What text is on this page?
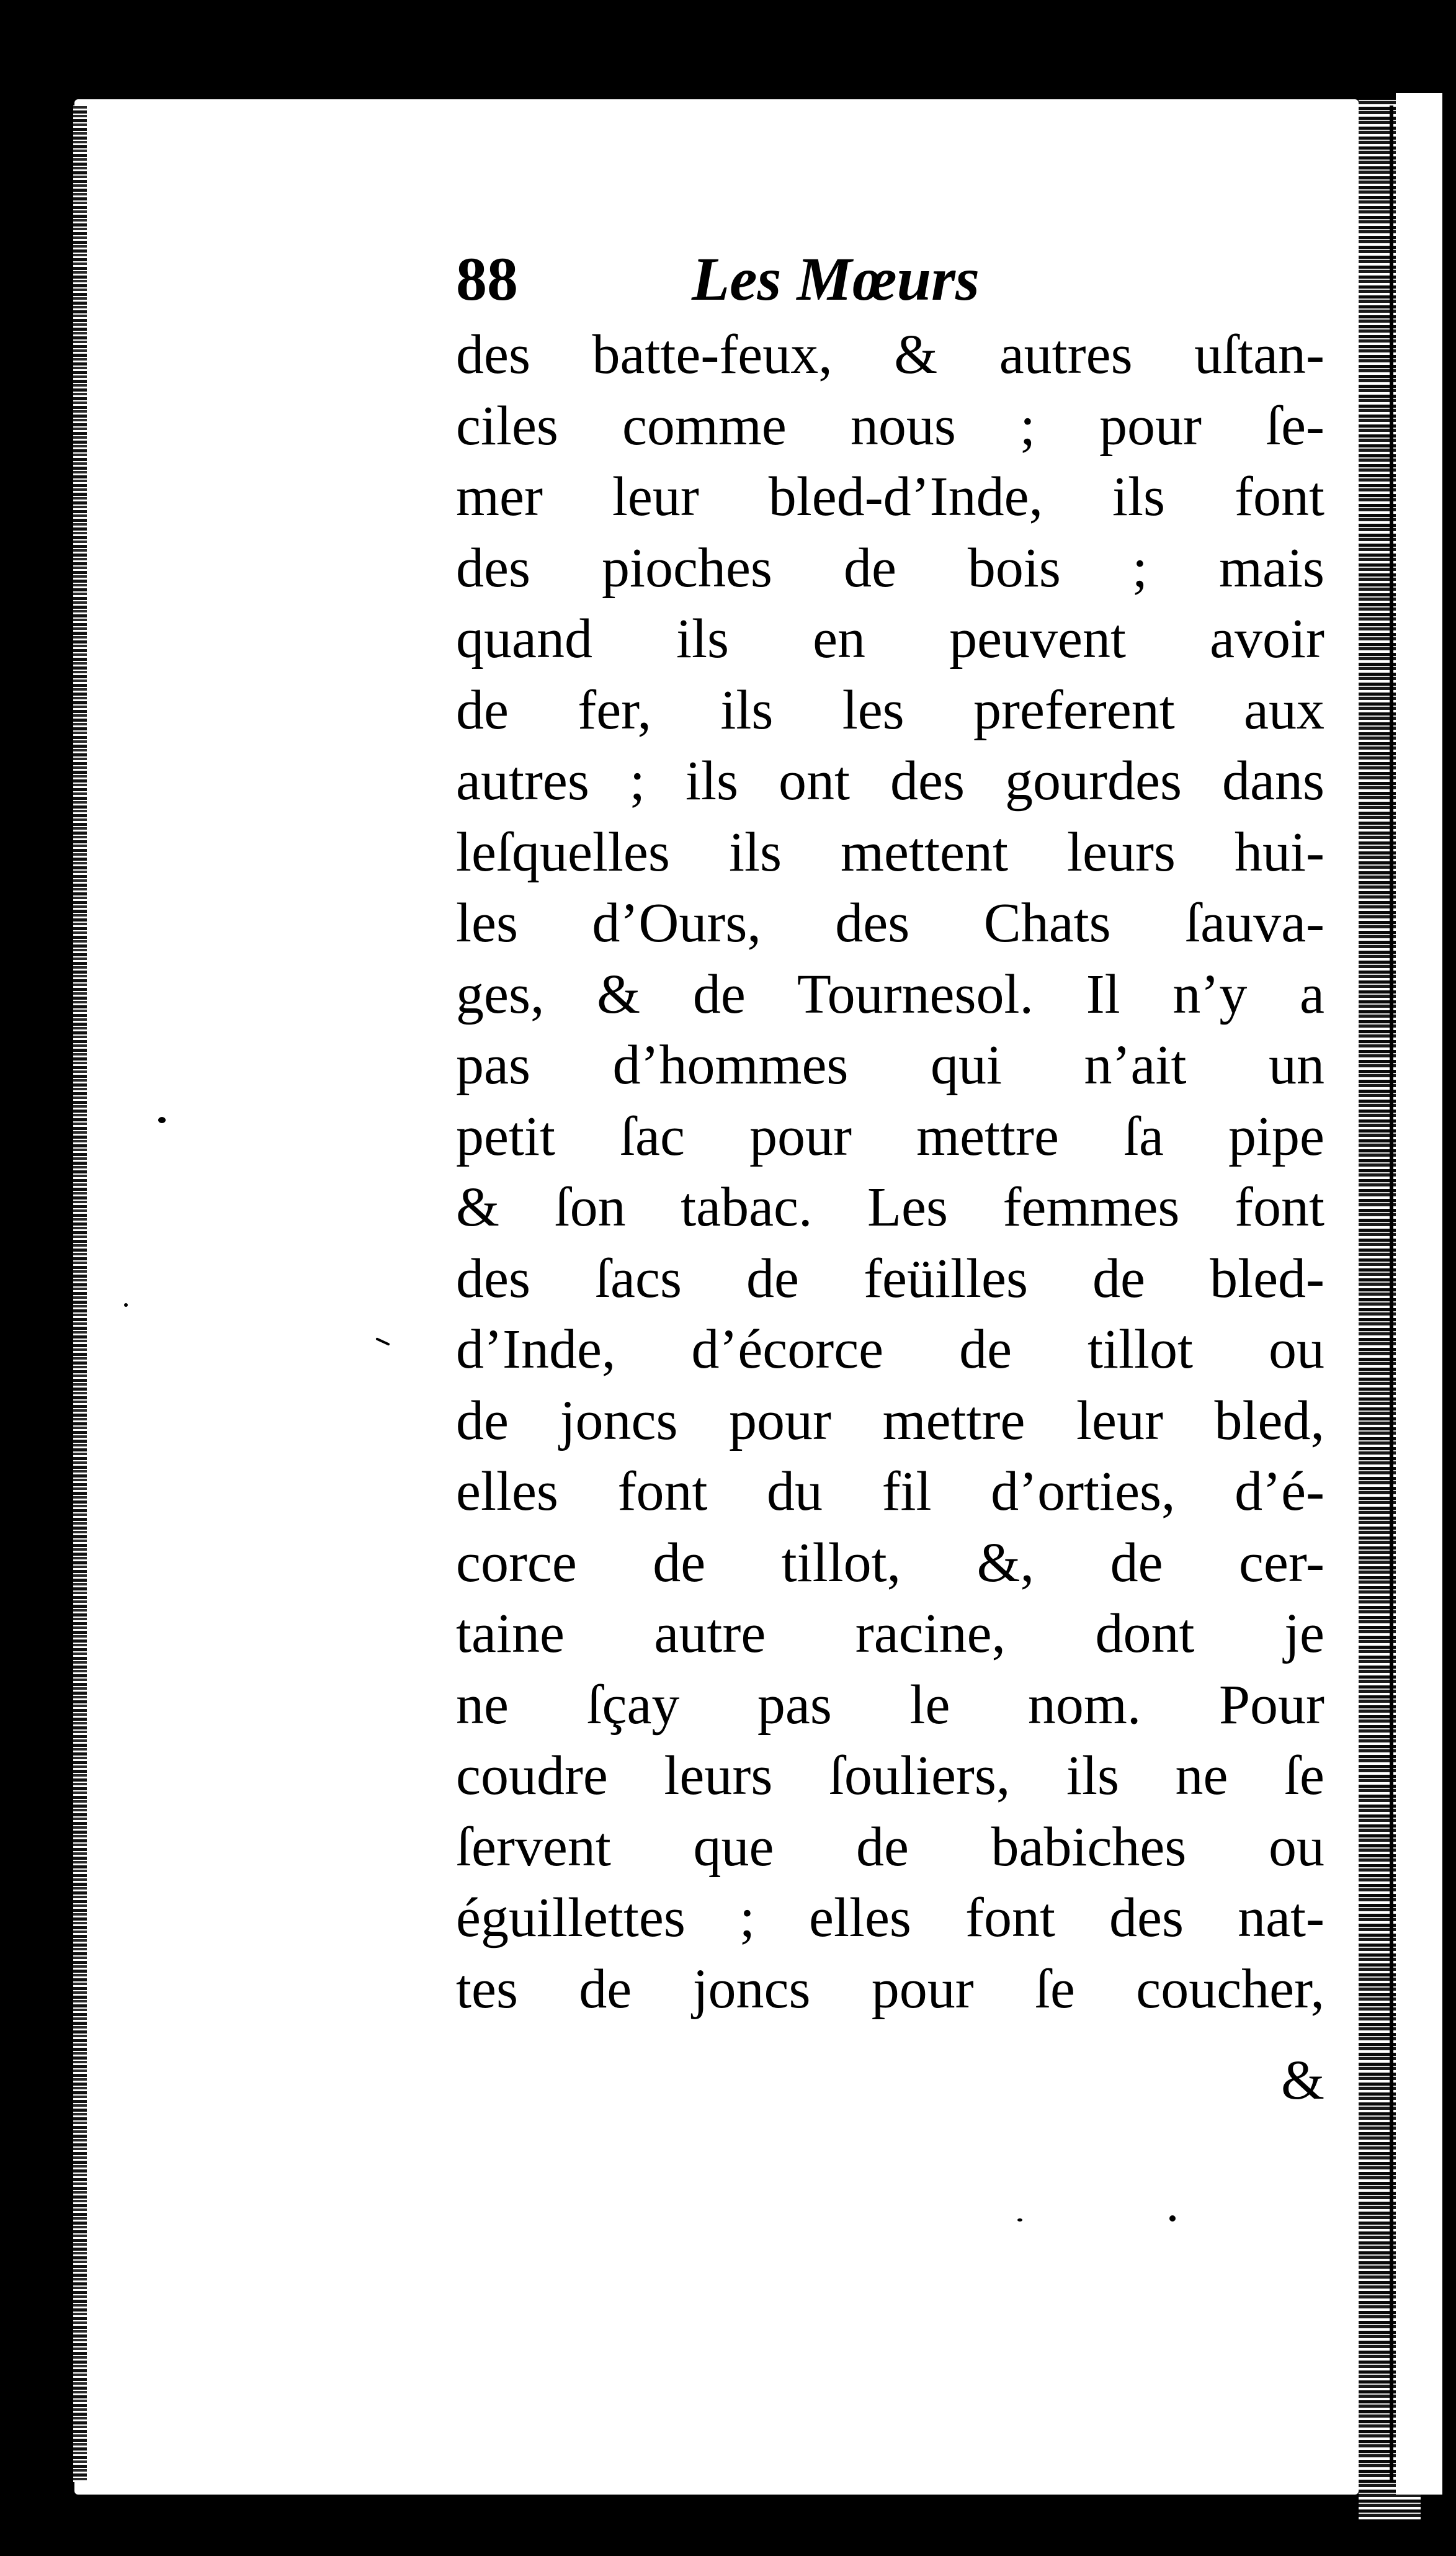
88	Les Mœurs
des batte-feux, & autres uſtan-
ciles comme nous ; pour ſe-
mer leur bled-d’Inde, ils font
des pioches de bois ; mais
quand ils en peuvent avoir
de fer, ils les preferent aux
autres ; ils ont des gourdes dans
leſquelles ils mettent leurs hui-
les d’Ours, des Chats ſauva-
ges, & de Tournesol. Il n’y a
pas d’hommes qui n’ait un
petit ſac pour mettre ſa pipe
& ſon tabac. Les femmes font
des ſacs de feüilles de bled-
d’Inde, d’écorce de tillot ou
de joncs pour mettre leur bled,
elles font du fil d’orties, d’é-
corce de tillot, &, de cer-
taine autre racine, dont je
ne ſçay pas le nom. Pour
coudre leurs ſouliers, ils ne ſe
ſervent que de babiches ou
éguillettes ; elles font des nat-
tes de joncs pour ſe coucher,
&
